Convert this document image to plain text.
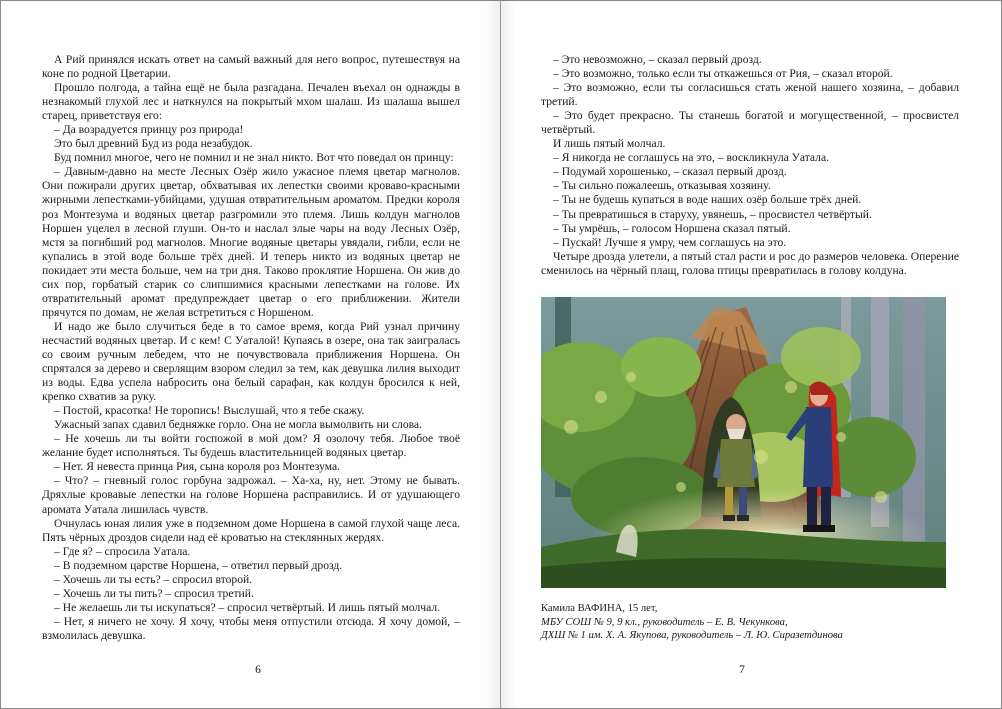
А Рий принялся искать ответ на самый важный для него вопрос, путешествуя на коне по родной Цветарии.

Прошло полгода, а тайна ещё не была разгадана. Печален въехал он однажды в незнакомый глухой лес и наткнулся на покрытый мхом шалаш. Из шалаша вышел старец, приветствуя его:

– Да возрадуется принцу роз природа!

Это был древний Буд из рода незабудок.

Буд помнил многое, чего не помнил и не знал никто. Вот что поведал он принцу:

– Давным-давно на месте Лесных Озёр жило ужасное племя цветар магнолов. Они пожирали других цветар, обхватывая их лепестки своими кроваво-красными жирными лепестками-убийцами, удушая отвратительным ароматом. Предки короля роз Монтезума и водяных цветар разгромили это племя. Лишь колдун магнолов Норшен уцелел в лесной глуши. Он-то и наслал злые чары на воду Лесных Озёр, мстя за погибший род магнолов. Многие водяные цветары увядали, гибли, если не купались в этой воде больше трёх дней. И теперь никто из водяных цветар не покидает эти места больше, чем на три дня. Таково проклятие Норшена. Он жив до сих пор, горбатый старик со слипшимися красными лепестками на голове. Их отвратительный аромат предупреждает цветар о его приближении. Жители прячутся по домам, не желая встретиться с Норшеном.

И надо же было случиться беде в то самое время, когда Рий узнал причину несчастий водяных цветар. И с кем! С Уаталой! Купаясь в озере, она так заигралась со своим ручным лебедем, что не почувствовала приближения Норшена. Он спрятался за дерево и сверлящим взором следил за тем, как девушка лилия выходит из воды. Едва успела набросить она белый сарафан, как колдун бросился к ней, крепко схватив за руку.

– Постой, красотка! Не торопись! Выслушай, что я тебе скажу.

Ужасный запах сдавил бедняжке горло. Она не могла вымолвить ни слова.

– Не хочешь ли ты войти госпожой в мой дом? Я озолочу тебя. Любое твоё желание будет исполняться. Ты будешь властительницей водяных цветар.

– Нет. Я невеста принца Рия, сына короля роз Монтезума.

– Что? – гневный голос горбуна задрожал. – Ха-ха, ну, нет. Этому не бывать. Дряхлые кровавые лепестки на голове Норшена расправились. И от удушающего аромата Уатала лишилась чувств.

Очнулась юная лилия уже в подземном доме Норшена в самой глухой чаще леса. Пять чёрных дроздов сидели над её кроватью на стеклянных жердях.

– Где я? – спросила Уатала.

– В подземном царстве Норшена, – ответил первый дрозд.

– Хочешь ли ты есть? – спросил второй.

– Хочешь ли ты пить? – спросил третий.

– Не желаешь ли ты искупаться? – спросил четвёртый. И лишь пятый молчал.

– Нет, я ничего не хочу. Я хочу, чтобы меня отпустили отсюда. Я хочу домой, – взмолилась девушка.

6

– Это невозможно, – сказал первый дрозд.

– Это возможно, только если ты откажешься от Рия, – сказал второй.

– Это возможно, если ты согласишься стать женой нашего хозяина, – добавил третий.

– Это будет прекрасно. Ты станешь богатой и могущественной, – просвистел четвёртый.

И лишь пятый молчал.

– Я никогда не соглашусь на это, – воскликнула Уатала.

– Подумай хорошенько, – сказал первый дрозд.

– Ты сильно пожалеешь, отказывая хозяину.

– Ты не будешь купаться в воде наших озёр больше трёх дней.

– Ты превратишься в старуху, увянешь, – просвистел четвёртый.

– Ты умрёшь, – голосом Норшена сказал пятый.

– Пускай! Лучше я умру, чем соглашусь на это.

Четыре дрозда улетели, а пятый стал расти и рос до размеров человека. Оперение сменилось на чёрный плащ, голова птицы превратилась в голову колдуна.

Камила ВАФИНА, 15 лет,
МБУ СОШ № 9, 9 кл., руководитель – Е. В. Чекункова,
ДХШ № 1 им. Х. А. Якупова, руководитель – Л. Ю. Сиразетдинова
7
